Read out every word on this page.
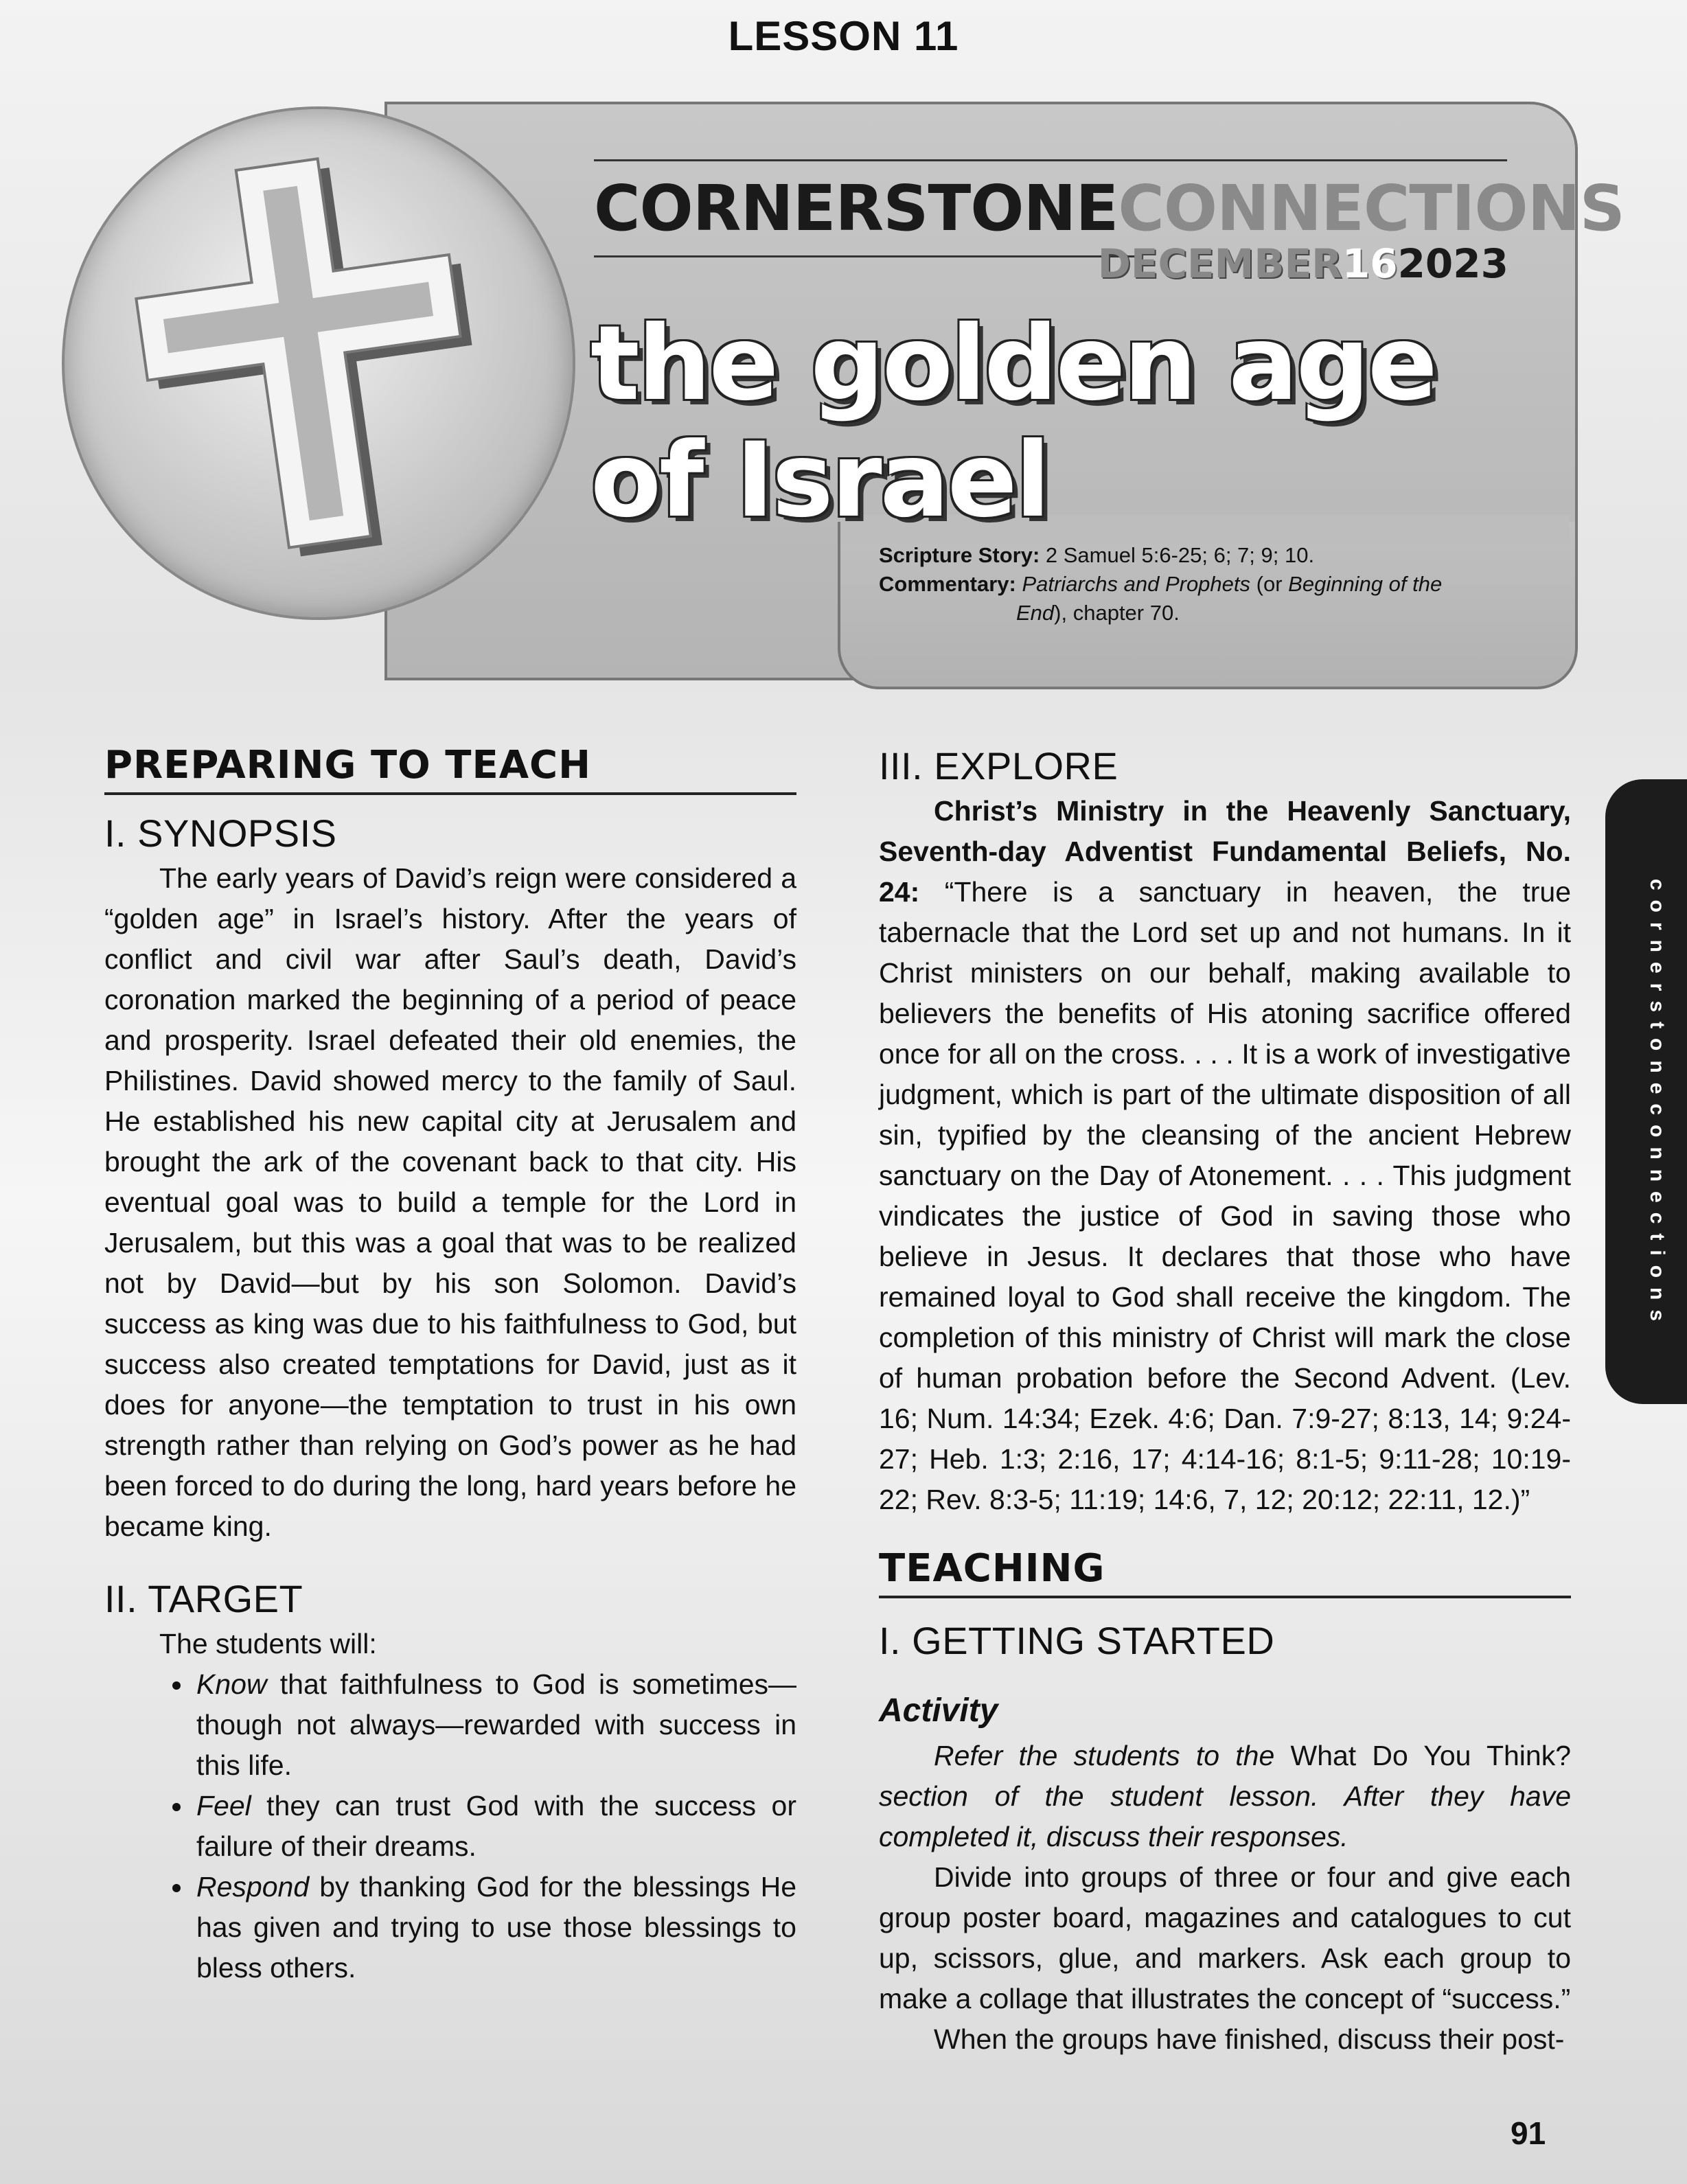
LESSON 11
CORNERSTONECONNECTIONS
DECEMBER162023
the golden age
of Israel
Scripture Story: 2 Samuel 5:6-25; 6; 7; 9; 10.
Commentary: Patriarchs and Prophets (or Beginning of the
End), chapter 70.
cornerstoneconnections
PREPARING TO TEACH
I. SYNOPSIS

The early years of David’s reign were considered a “golden age” in Israel’s history. After the years of conflict and civil war after Saul’s death, David’s coronation marked the beginning of a period of peace and prosperity. Israel defeated their old enemies, the Philistines. David showed mercy to the family of Saul. He established his new capital city at Jerusalem and brought the ark of the covenant back to that city. His eventual goal was to build a temple for the Lord in Jerusalem, but this was a goal that was to be realized not by David—but by his son Solomon. David’s success as king was due to his faithfulness to God, but success also created temptations for David, just as it does for anyone—the temptation to trust in his own strength rather than relying on God’s power as he had been forced to do during the long, hard years before he became king.

II. TARGET

The students will:

• Know that faithfulness to God is sometimes—though not always—rewarded with success in this life.
• Feel they can trust God with the success or failure of their dreams.
• Respond by thanking God for the blessings He has given and trying to use those blessings to bless others.
III. EXPLORE

Christ’s Ministry in the Heavenly Sanctuary, Seventh-day Adventist Fundamental Beliefs, No. 24: “There is a sanctuary in heaven, the true tabernacle that the Lord set up and not humans. In it Christ ministers on our behalf, making available to believers the benefits of His atoning sacrifice offered once for all on the cross. . . . It is a work of investigative judgment, which is part of the ultimate disposition of all sin, typified by the cleansing of the ancient Hebrew sanctuary on the Day of Atonement. . . . This judgment vindicates the justice of God in saving those who believe in Jesus. It declares that those who have remained loyal to God shall receive the kingdom. The completion of this ministry of Christ will mark the close of human probation before the Second Advent. (Lev. 16; Num. 14:34; Ezek. 4:6; Dan. 7:9-27; 8:13, 14; 9:24-27; Heb. 1:3; 2:16, 17; 4:14-16; 8:1-5; 9:11-28; 10:19-22; Rev. 8:3-5; 11:19; 14:6, 7, 12; 20:12; 22:11, 12.)”

TEACHING
I. GETTING STARTED
Activity

Refer the students to the What Do You Think? section of the student lesson. After they have completed it, discuss their responses.

Divide into groups of three or four and give each group poster board, magazines and catalogues to cut up, scissors, glue, and markers. Ask each group to make a collage that illustrates the concept of “success.”

When the groups have finished, discuss their post-

91
